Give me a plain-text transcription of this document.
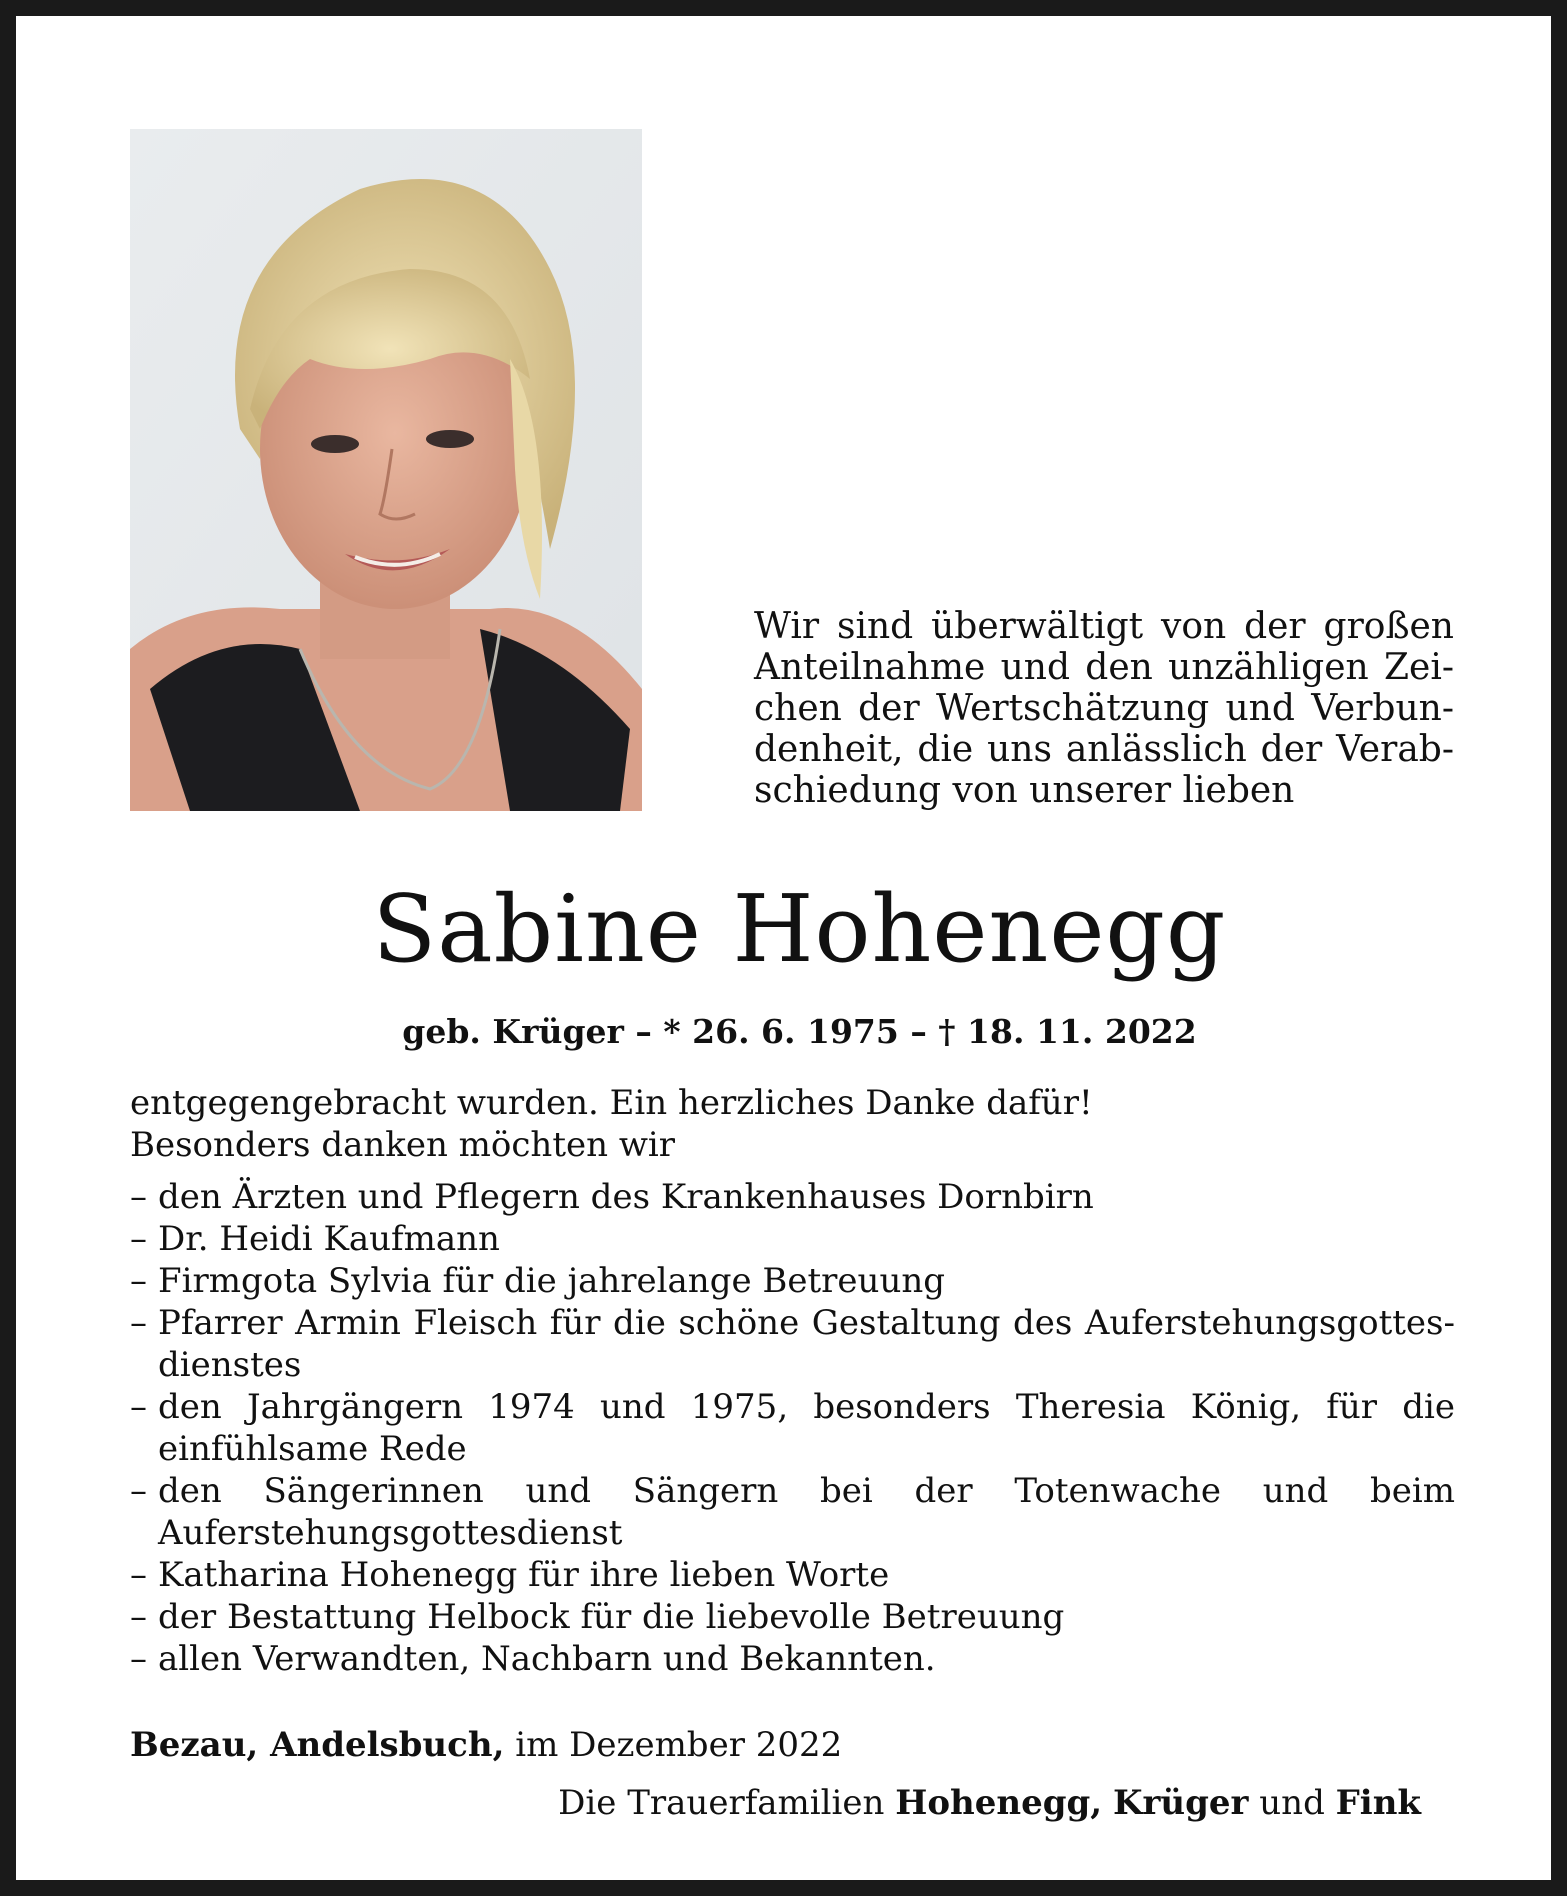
Wir sind überwältigt von der großen
Anteilnahme und den unzähligen Zei-
chen der Wertschätzung und Verbun-
denheit, die uns anlässlich der Verab-
schiedung von unserer lieben
Sabine Hohenegg
geb. Krüger – * 26. 6. 1975 – † 18. 11. 2022
entgegengebracht wurden. Ein herzliches Danke dafür!
Besonders danken möchten wir
– den Ärzten und Pflegern des Krankenhauses Dornbirn
– Dr. Heidi Kaufmann
– Firmgota Sylvia für die jahrelange Betreuung
– Pfarrer Armin Fleisch für die schöne Gestaltung des Auferstehungsgottes-dienstes
– den Jahrgängern 1974 und 1975, besonders Theresia König, für die einfühlsame Rede
– den Sängerinnen und Sängern bei der Totenwache und beim Auferstehungsgottesdienst
– Katharina Hohenegg für ihre lieben Worte
– der Bestattung Helbock für die liebevolle Betreuung
– allen Verwandten, Nachbarn und Bekannten.
Bezau, Andelsbuch, im Dezember 2022
Die Trauerfamilien Hohenegg, Krüger und Fink
